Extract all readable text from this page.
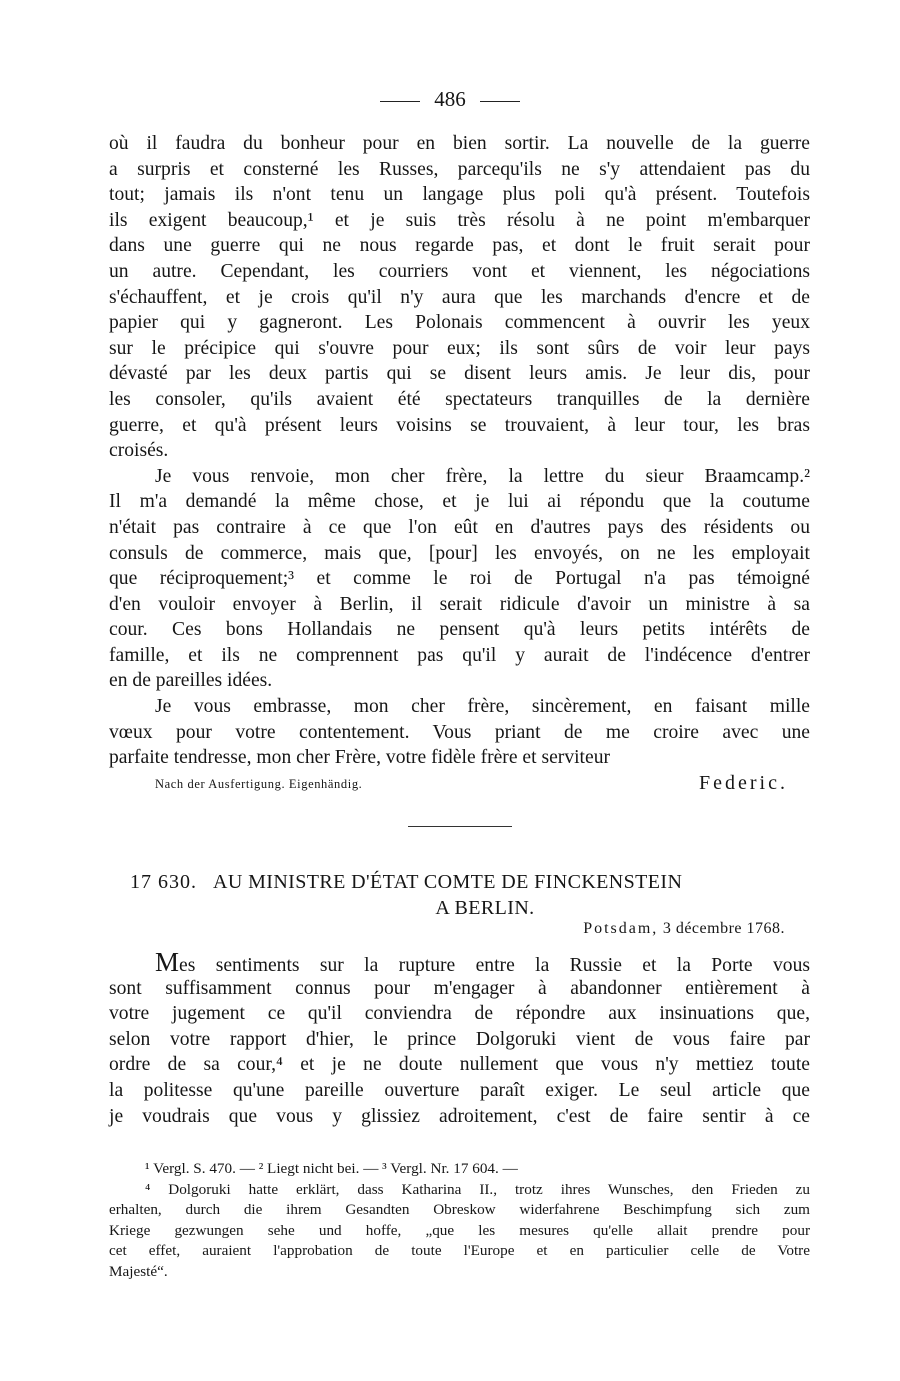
486
où il faudra du bonheur pour en bien sortir. La nouvelle de la guerre
a surpris et consterné les Russes, parcequ'ils ne s'y attendaient pas du
tout; jamais ils n'ont tenu un langage plus poli qu'à présent. Toutefois
ils exigent beaucoup,¹ et je suis très résolu à ne point m'embarquer
dans une guerre qui ne nous regarde pas, et dont le fruit serait pour
un autre. Cependant, les courriers vont et viennent, les négociations
s'échauffent, et je crois qu'il n'y aura que les marchands d'encre et de
papier qui y gagneront. Les Polonais commencent à ouvrir les yeux
sur le précipice qui s'ouvre pour eux; ils sont sûrs de voir leur pays
dévasté par les deux partis qui se disent leurs amis. Je leur dis, pour
les consoler, qu'ils avaient été spectateurs tranquilles de la dernière
guerre, et qu'à présent leurs voisins se trouvaient, à leur tour, les bras
croisés.
Je vous renvoie, mon cher frère, la lettre du sieur Braamcamp.²
Il m'a demandé la même chose, et je lui ai répondu que la coutume
n'était pas contraire à ce que l'on eût en d'autres pays des résidents ou
consuls de commerce, mais que, [pour] les envoyés, on ne les employait
que réciproquement;³ et comme le roi de Portugal n'a pas témoigné
d'en vouloir envoyer à Berlin, il serait ridicule d'avoir un ministre à sa
cour. Ces bons Hollandais ne pensent qu'à leurs petits intérêts de
famille, et ils ne comprennent pas qu'il y aurait de l'indécence d'entrer
en de pareilles idées.
Je vous embrasse, mon cher frère, sincèrement, en faisant mille
vœux pour votre contentement. Vous priant de me croire avec une
parfaite tendresse, mon cher Frère, votre fidèle frère et serviteur
Nach der Ausfertigung. Eigenhändig.	Federic.
17 630. AU MINISTRE D'ÉTAT COMTE DE FINCKENSTEIN
A BERLIN.
Potsdam, 3 décembre 1768.
Mes sentiments sur la rupture entre la Russie et la Porte vous
sont suffisamment connus pour m'engager à abandonner entièrement à
votre jugement ce qu'il conviendra de répondre aux insinuations que,
selon votre rapport d'hier, le prince Dolgoruki vient de vous faire par
ordre de sa cour,⁴ et je ne doute nullement que vous n'y mettiez toute
la politesse qu'une pareille ouverture paraît exiger. Le seul article que
je voudrais que vous y glissiez adroitement, c'est de faire sentir à ce
¹ Vergl. S. 470. — ² Liegt nicht bei. — ³ Vergl. Nr. 17 604. —
⁴ Dolgoruki hatte erklärt, dass Katharina II., trotz ihres Wunsches, den Frieden zu
erhalten, durch die ihrem Gesandten Obreskow widerfahrene Beschimpfung sich zum
Kriege gezwungen sehe und hoffe, „que les mesures qu'elle allait prendre pour
cet effet, auraient l'approbation de toute l'Europe et en particulier celle de Votre
Majesté“.
